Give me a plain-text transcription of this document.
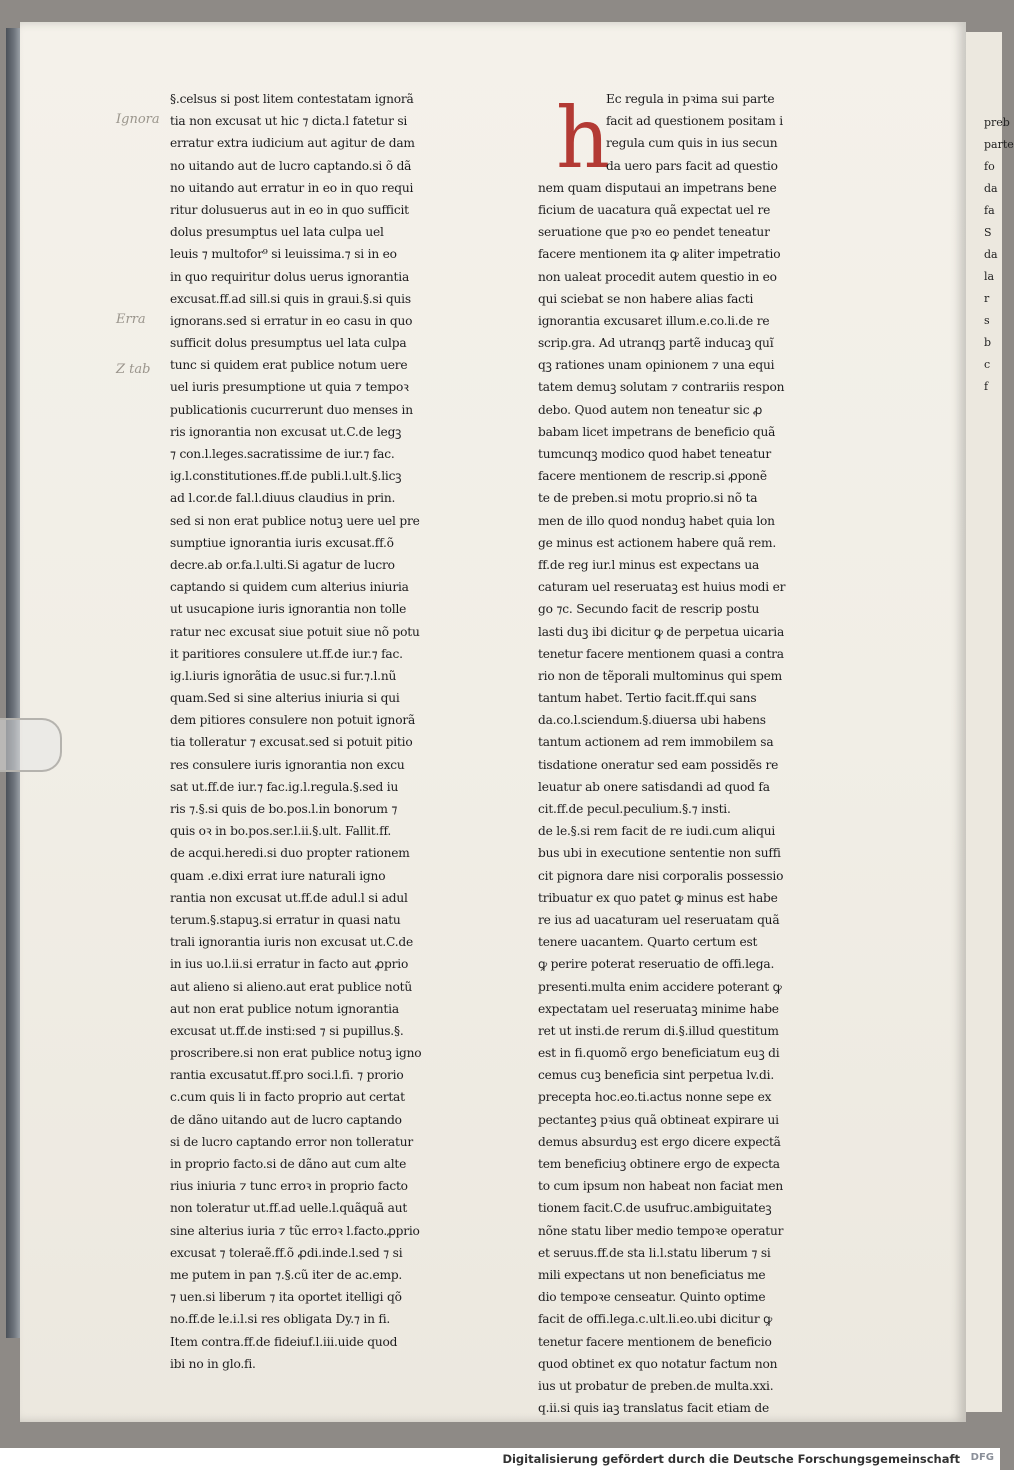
Ignora
Erra
Z tab
preb
parte
fo
da
fa
S
da
la
r
s
b
c
f
§.celsus si post litem contestatam ignorã
tia non excusat ut hic ⁊ dicta.l fatetur si
erratur extra iudicium aut agitur de dam
no uitando aut de lucro captando.si õ dã
no uitando aut erratur in eo in quo requi
ritur dolusuerus aut in eo in quo sufficit
dolus presumptus uel lata culpa uel
leuis ⁊ multofor⁹ si leuissima.⁊ si in eo
in quo requiritur dolus uerus ignorantia
excusat.ff.ad sill.si quis in graui.§.si quis
ignorans.sed si erratur in eo casu in quo
sufficit dolus presumptus uel lata culpa
tunc si quidem erat publice notum uere
uel iuris presumptione ut quia ⁊ tempoꝛ
publicationis cucurrerunt duo menses in
ris ignorantia non excusat ut.C.de legꝫ
⁊ con.l.leges.sacratissime de iur.⁊ fac.
ig.l.constitutiones.ff.de publi.l.ult.§.licꝫ
ad l.cor.de fal.l.diuus claudius in prin.
sed si non erat publice notuꝫ uere uel pre
sumptiue ignorantia iuris excusat.ff.õ
decre.ab or.fa.l.ulti.Si agatur de lucro
captando si quidem cum alterius iniuria
ut usucapione iuris ignorantia non tolle
ratur nec excusat siue potuit siue nõ potu
it paritiores consulere ut.ff.de iur.⁊ fac.
ig.l.iuris ignorãtia de usuc.si fur.⁊.l.nũ
quam.Sed si sine alterius iniuria si qui
dem pitiores consulere non potuit ignorã
tia tolleratur ⁊ excusat.sed si potuit pitio
res consulere iuris ignorantia non excu
sat ut.ff.de iur.⁊ fac.ig.l.regula.§.sed iu
ris ⁊.§.si quis de bo.pos.l.in bonorum ⁊
quis oꝛ in bo.pos.ser.l.ii.§.ult. Fallit.ff.
de acqui.heredi.si duo propter rationem
quam .e.dixi errat iure naturali igno
rantia non excusat ut.ff.de adul.l si adul
terum.§.stapuꝫ.si erratur in quasi natu
trali ignorantia iuris non excusat ut.C.de
in ius uo.l.ii.si erratur in facto aut ꝓprio
aut alieno si alieno.aut erat publice notũ
aut non erat publice notum ignorantia
excusat ut.ff.de insti:sed ⁊ si pupillus.§.
proscribere.si non erat publice notuꝫ igno
rantia excusatut.ff.pro soci.l.fi. ⁊ prorio
c.cum quis li in facto proprio aut certat
de dãno uitando aut de lucro captando
si de lucro captando error non tolleratur
in proprio facto.si de dãno aut cum alte
rius iniuria ⁊ tunc erroꝛ in proprio facto
non toleratur ut.ff.ad uelle.l.quãquã aut
sine alterius iuria ⁊ tũc erroꝛ l.facto.ꝓprio
excusat ⁊ toleraẽ.ff.õ ꝓdi.inde.l.sed ⁊ si
me putem in pan ⁊.§.cũ iter de ac.emp.
⁊ uen.si liberum ⁊ ita oportet itelligi qõ
no.ff.de le.i.l.si res obligata Dy.⁊ in fi.
Item contra.ff.de fideiuf.l.iii.uide quod
ibi no in glo.fi.
h
Ec regula in pꝛima sui parte
facit ad questionem positam i
regula cum quis in ius secun
da uero pars facit ad questio
nem quam disputaui an impetrans bene
ficium de uacatura quã expectat uel re
seruatione que pꝛo eo pendet teneatur
facere mentionem ita ꝙ aliter impetratio
non ualeat procedit autem questio in eo
qui sciebat se non habere alias facti
ignorantia excusaret illum.e.co.li.de re
scrip.gra. Ad utranqꝫ partẽ inducaꝫ quĩ
qꝫ rationes unam opinionem ⁊ una equi
tatem demuꝫ solutam ⁊ contrariis respon
debo. Quod autem non teneatur sic ꝓ
babam licet impetrans de beneficio quã
tumcunqꝫ modico quod habet teneatur
facere mentionem de rescrip.si ꝓponẽ
te de preben.si motu proprio.si nõ ta
men de illo quod nonduꝫ habet quia lon
ge minus est actionem habere quã rem.
ff.de reg iur.l minus est expectans ua
caturam uel reseruataꝫ est huius modi er
go ⁊c. Secundo facit de rescrip postu
lasti duꝫ ibi dicitur ꝙ de perpetua uicaria
tenetur facere mentionem quasi a contra
rio non de tẽporali multominus qui spem
tantum habet. Tertio facit.ff.qui sans
da.co.l.sciendum.§.diuersa ubi habens
tantum actionem ad rem immobilem sa
tisdatione oneratur sed eam possidẽs re
leuatur ab onere satisdandi ad quod fa
cit.ff.de pecul.peculium.§.⁊ insti.
de le.§.si rem facit de re iudi.cum aliqui
bus ubi in executione sententie non suffi
cit pignora dare nisi corporalis possessio
tribuatur ex quo patet ꝙ minus est habe
re ius ad uacaturam uel reseruatam quã
tenere uacantem. Quarto certum est
ꝙ perire poterat reseruatio de offi.lega.
presenti.multa enim accidere poterant ꝙ
expectatam uel reseruataꝫ minime habe
ret ut insti.de rerum di.§.illud questitum
est in fi.quomõ ergo beneficiatum euꝫ di
cemus cuꝫ beneficia sint perpetua lv.di.
precepta hoc.eo.ti.actus nonne sepe ex
pectanteꝫ pꝛius quã obtineat expirare ui
demus absurduꝫ est ergo dicere expectã
tem beneficiuꝫ obtinere ergo de expecta
to cum ipsum non habeat non faciat men
tionem facit.C.de usufruc.ambiguitateꝫ
nõne statu liber medio tempoꝛe operatur
et seruus.ff.de sta li.l.statu liberum ⁊ si
mili expectans ut non beneficiatus me
dio tempoꝛe censeatur. Quinto optime
facit de offi.lega.c.ult.li.eo.ubi dicitur ꝙ
tenetur facere mentionem de beneficio
quod obtinet ex quo notatur factum non
ius ut probatur de preben.de multa.xxi.
q.ii.si quis iaꝫ translatus facit etiam de
Digitalisierung gefördert durch die Deutsche Forschungsgemeinschaft DFG
